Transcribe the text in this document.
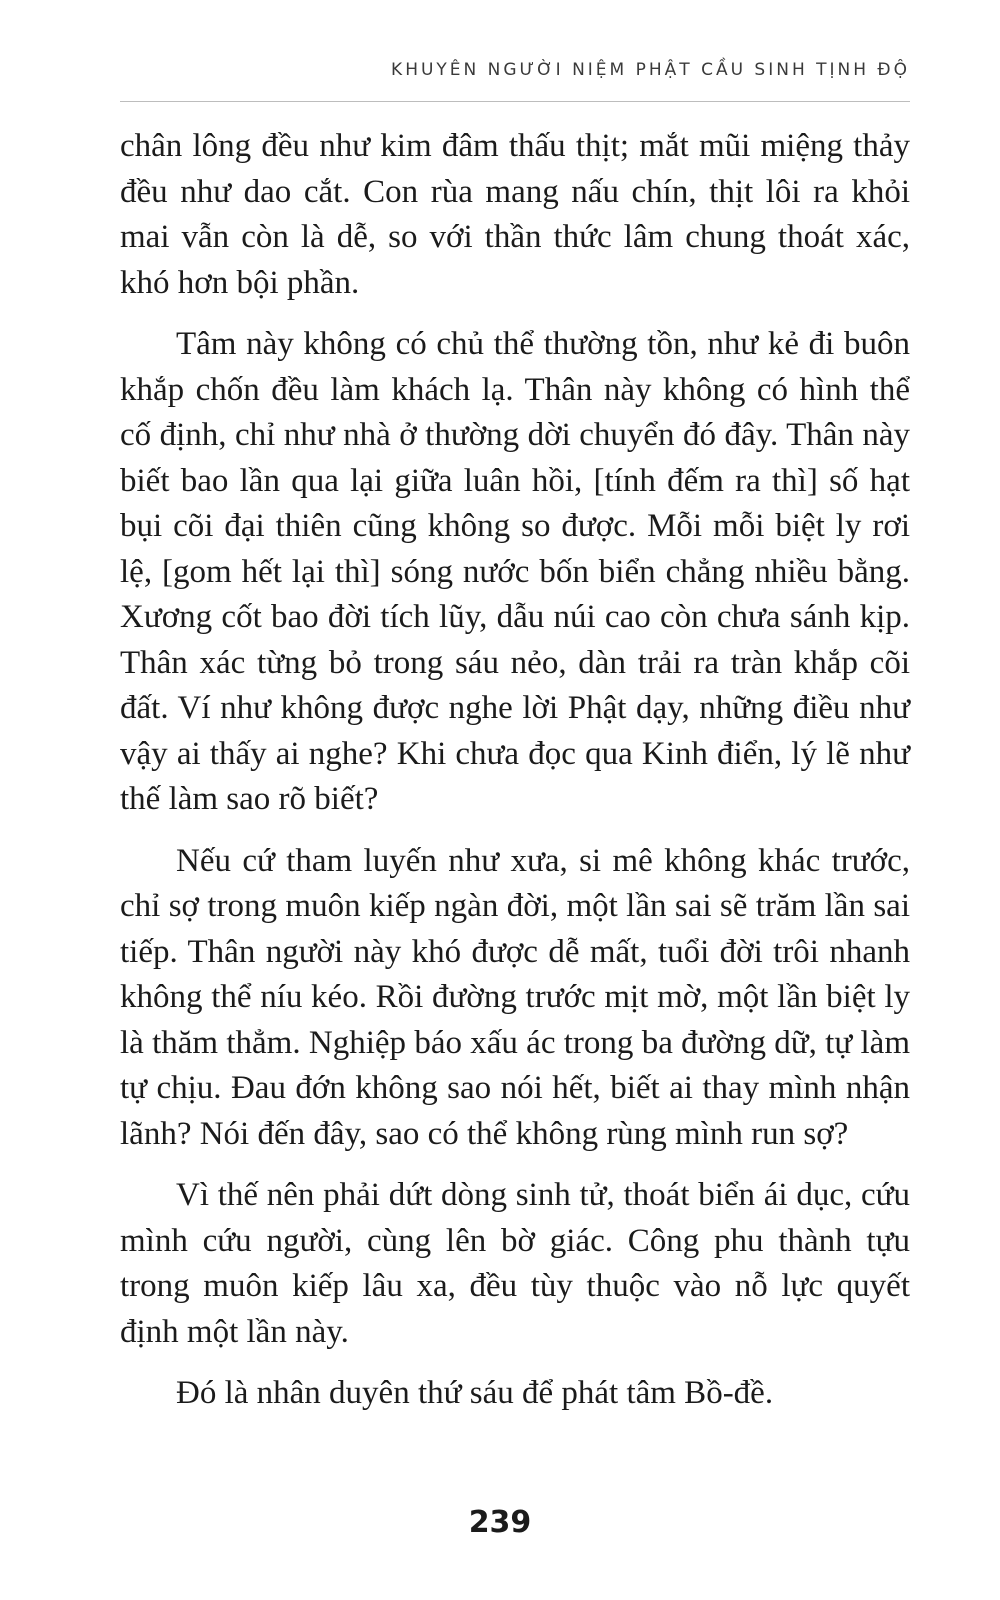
KHUYÊN NGƯỜI NIỆM PHẬT CẦU SINH TỊNH ĐỘ

chân lông đều như kim đâm thấu thịt; mắt mũi miệng thảy đều như dao cắt. Con rùa mang nấu chín, thịt lôi ra khỏi mai vẫn còn là dễ, so với thần thức lâm chung thoát xác, khó hơn bội phần.

Tâm này không có chủ thể thường tồn, như kẻ đi buôn khắp chốn đều làm khách lạ. Thân này không có hình thể cố định, chỉ như nhà ở thường dời chuyển đó đây. Thân này biết bao lần qua lại giữa luân hồi, [tính đếm ra thì] số hạt bụi cõi đại thiên cũng không so được. Mỗi mỗi biệt ly rơi lệ, [gom hết lại thì] sóng nước bốn biển chẳng nhiều bằng. Xương cốt bao đời tích lũy, dẫu núi cao còn chưa sánh kịp. Thân xác từng bỏ trong sáu nẻo, dàn trải ra tràn khắp cõi đất. Ví như không được nghe lời Phật dạy, những điều như vậy ai thấy ai nghe? Khi chưa đọc qua Kinh điển, lý lẽ như thế làm sao rõ biết?

Nếu cứ tham luyến như xưa, si mê không khác trước, chỉ sợ trong muôn kiếp ngàn đời, một lần sai sẽ trăm lần sai tiếp. Thân người này khó được dễ mất, tuổi đời trôi nhanh không thể níu kéo. Rồi đường trước mịt mờ, một lần biệt ly là thăm thẳm. Nghiệp báo xấu ác trong ba đường dữ, tự làm tự chịu. Đau đớn không sao nói hết, biết ai thay mình nhận lãnh? Nói đến đây, sao có thể không rùng mình run sợ?

Vì thế nên phải dứt dòng sinh tử, thoát biển ái dục, cứu mình cứu người, cùng lên bờ giác. Công phu thành tựu trong muôn kiếp lâu xa, đều tùy thuộc vào nỗ lực quyết định một lần này.

Đó là nhân duyên thứ sáu để phát tâm Bồ-đề.

239
